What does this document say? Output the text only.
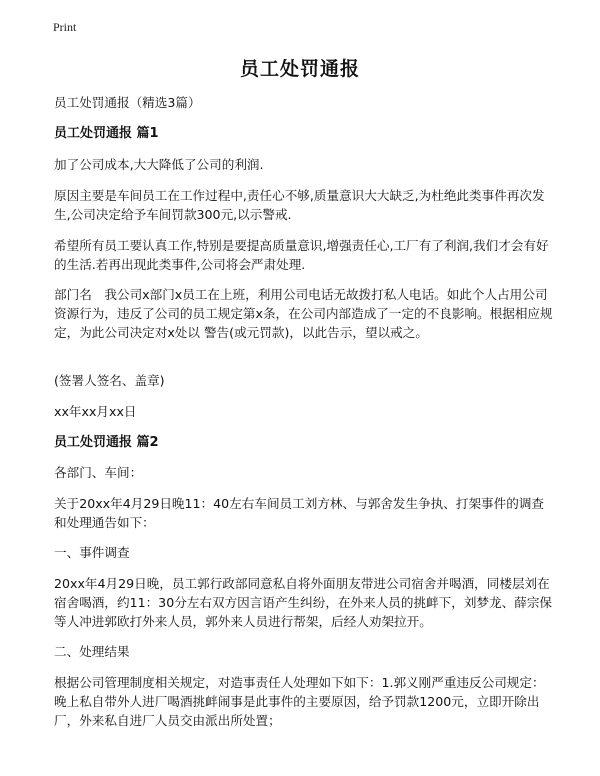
Print
员工处罚通报

员工处罚通报（精选3篇）

员工处罚通报 篇1

加了公司成本,大大降低了公司的利润.

原因主要是车间员工在工作过程中,责任心不够,质量意识大大缺乏,为杜绝此类事件再次发生,公司决定给予车间罚款300元,以示警戒.

希望所有员工要认真工作,特别是要提高质量意识,增强责任心,工厂有了利润,我们才会有好的生活.若再出现此类事件,公司将会严肃处理.

部门名　我公司x部门x员工在上班，利用公司电话无故拨打私人电话。如此个人占用公司资源行为，违反了公司的员工规定第x条，在公司内部造成了一定的不良影响。根据相应规定，为此公司决定对x处以 警告(或元罚款)，以此告示，望以戒之。

(签署人签名、盖章)

xx年xx月xx日

员工处罚通报 篇2

各部门、车间：

关于20xx年4月29日晚11：40左右车间员工刘方林、与郭舍发生争执、打架事件的调查和处理通告如下：

一、事件调查

20xx年4月29日晚，员工郭行政部同意私自将外面朋友带进公司宿舍并喝酒，同楼层刘在宿舍喝酒，约11：30分左右双方因言语产生纠纷，在外来人员的挑衅下，刘梦龙、薛宗保等人冲进郭欧打外来人员，郭外来人员进行帮架，后经人劝架拉开。

二、处理结果

根据公司管理制度相关规定，对造事责任人处理如下如下：1.郭义刚严重违反公司规定：晚上私自带外人进厂喝酒挑衅闹事是此事件的主要原因，给予罚款1200元，立即开除出厂，外来私自进厂人员交由派出所处置；
